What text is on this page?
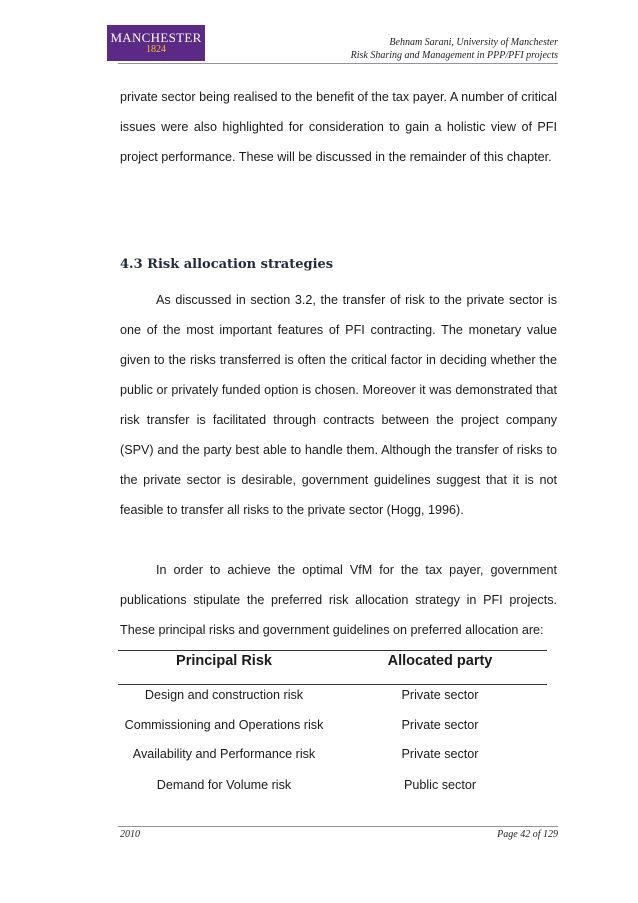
MANCHESTER
1824
Behnam Sarani, University of Manchester
Risk Sharing and Management in PPP/PFI projects

private sector being realised to the benefit of the tax payer. A number of critical issues were also highlighted for consideration to gain a holistic view of PFI project performance. These will be discussed in the remainder of this chapter.

4.3 Risk allocation strategies

As discussed in section 3.2, the transfer of risk to the private sector is one of the most important features of PFI contracting. The monetary value given to the risks transferred is often the critical factor in deciding whether the public or privately funded option is chosen. Moreover it was demonstrated that risk transfer is facilitated through contracts between the project company (SPV) and the party best able to handle them. Although the transfer of risks to the private sector is desirable, government guidelines suggest that it is not feasible to transfer all risks to the private sector (Hogg, 1996).

In order to achieve the optimal VfM for the tax payer, government publications stipulate the preferred risk allocation strategy in PFI projects. These principal risks and government guidelines on preferred allocation are:

Principal Risk	Allocated party
Design and construction risk	Private sector
Commissioning and Operations risk	Private sector
Availability and Performance risk	Private sector
Demand for Volume risk	Public sector
2010	Page 42 of 129
